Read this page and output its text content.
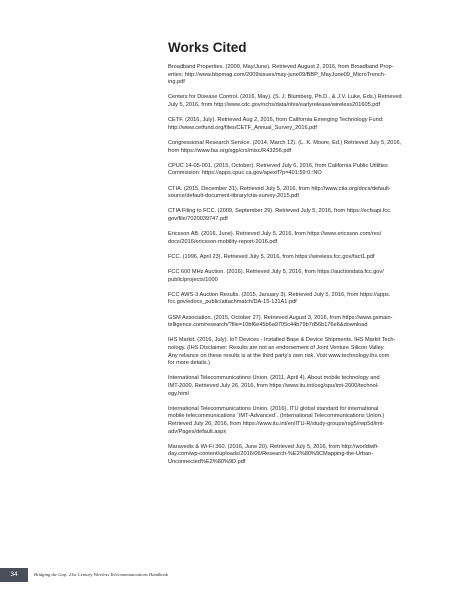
Works Cited
Broadband Properties. (2009, May/June). Retrieved August 2, 2016, from Broadband Prop-
erties: http://www.bbpmag.com/2009issues/may-june09/BBP_MayJune09_MicroTrench-
ing.pdf
Centers for Disease Control. (2016, May). (S. J. Blumberg, Ph.D., & J.V. Luke, Eds.) Retrieved
July 5, 2016, from http://www.cdc.gov/nchs/data/nhis/earlyrelease/wireless201605.pdf
CETF. (2016, July). Retrieved Aug 2, 2016, from California Emerging Technology Fund:
http://www.cetfund.org/files/CETF_Annual_Survey_2016.pdf
Congressional Research Service. (2014, March 12). (L. K. Moore, Ed.) Retrieved July 5, 2016,
from https://www.fas.org/sgp/crs/misc/R43256.pdf
CPUC 14-05-001. (2015, October). Retrieved July 6, 2016, from California Public Utilities
Commission: https://apps.cpuc.ca.gov/apex/f?p=401:59:0::NO
CTIA. (2015, December 31). Retrieved July 5, 2016, from http://www.ctia.org/docs/default-
source/default-document-library/ctia-survey-2015.pdf
CTIA Filing to FCC. (2009, September 29). Retrieved July 5, 2016, from https://ecfsapi.fcc.
gov/file/7020039747.pdf
Ericsson AB. (2016, June). Retrieved July 5, 2016, from https://www.ericsson.com/res/
docs/2016/ericsson-mobility-report-2016.pdf
FCC. (1996, April 23). Retrieved July 5, 2016, from https://wireless.fcc.gov/fact1.pdf
FCC 600 MHz Auction. (2016). Retrieved July 5, 2016, from https://auctiondata.fcc.gov/
public/projects/1000
FCC AWS-3 Auction Results. (2015, January 3). Retrieved July 5, 2016, from https://apps.
fcc.gov/edocs_public/attachmatch/DA-15-131A1.pdf
GSM Association. (2015, October 27). Retrieved August 3, 2016, from https://www.gsmain-
telligence.com/research/?file=10bf6e45b6a9705c44b79b7d56b176e6&download
IHS Markit. (2016, July). IoT Devices - Installed Base & Device Shipments. IHS Markit Tech-
nology. (IHS Disclaimer: Results are not an endorsement of Joint Venture Silicon Valley.
Any reliance on these results is at the third party's own risk. Visit www.technology.ihs.com
for more details.)
International Telecommunications Union. (2011, April 4). About mobile technology and
IMT-2000. Retrieved July 26, 2016, from https://www.itu.int/osg/spu/imt-2000/technol-
ogy.html
International Telecommunications Union. (2016). ITU global standard for international
mobile telecommunications ´IMT-Advanced´. (International Telecommunications Union.)
Retrieved July 26, 2016, from https://www.itu.int/en/ITU-R/study-groups/rsg5/rwp5d/imt-
adv/Pages/default.aspx
Maravedis & Wi-Fi 360. (2016, June 20). Retrieved July 5, 2016, from http://worldwifi-
day.com/wp-content/uploads/2016/06/Research-%E2%80%9CMapping-the-Urban-
Unconnected%E2%80%9D.pdf
34	Bridging the Gap: 21st Century Wireless Telecommunications Handbook
